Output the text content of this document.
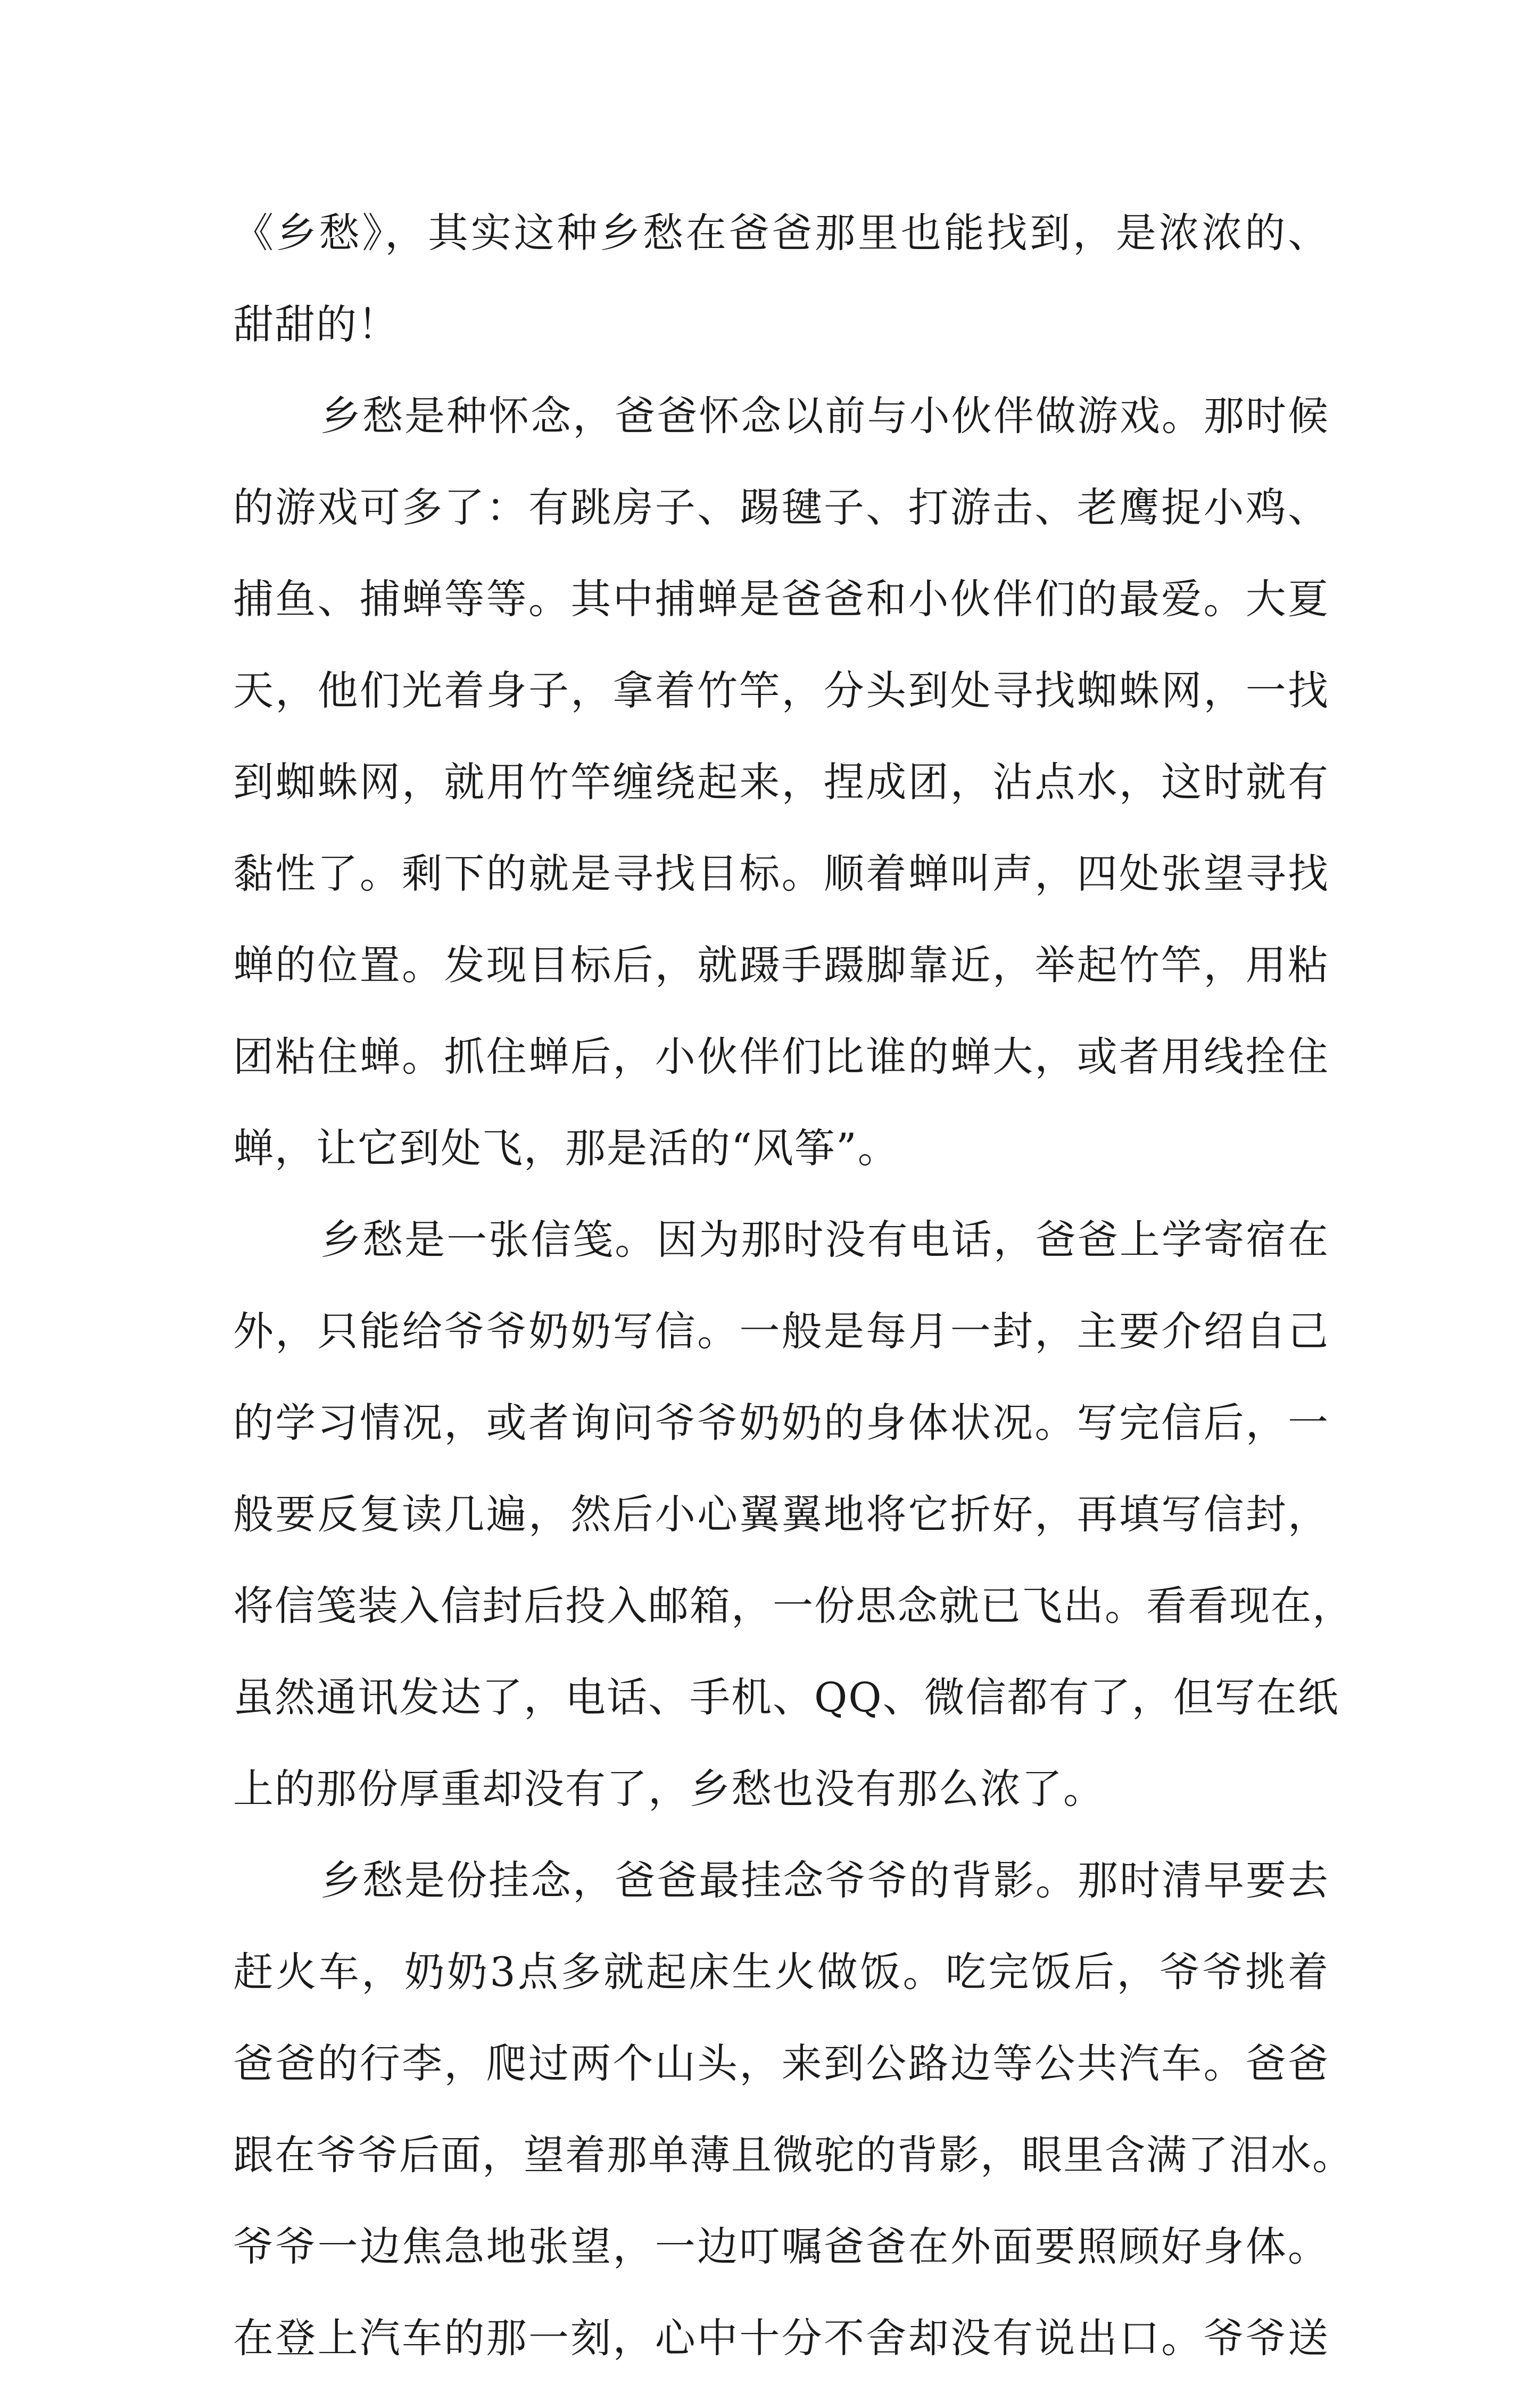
《乡愁》，其实这种乡愁在爸爸那里也能找到，是浓浓的、
甜甜的！
乡愁是种怀念，爸爸怀念以前与小伙伴做游戏。那时候
的游戏可多了：有跳房子、踢毽子、打游击、老鹰捉小鸡、
捕鱼、捕蝉等等。其中捕蝉是爸爸和小伙伴们的最爱。大夏
天，他们光着身子，拿着竹竿，分头到处寻找蜘蛛网，一找
到蜘蛛网，就用竹竿缠绕起来，捏成团，沾点水，这时就有
黏性了。剩下的就是寻找目标。顺着蝉叫声，四处张望寻找
蝉的位置。发现目标后，就蹑手蹑脚靠近，举起竹竿，用粘
团粘住蝉。抓住蝉后，小伙伴们比谁的蝉大，或者用线拴住
蝉，让它到处飞，那是活的“风筝”。
乡愁是一张信笺。因为那时没有电话，爸爸上学寄宿在
外，只能给爷爷奶奶写信。一般是每月一封，主要介绍自己
的学习情况，或者询问爷爷奶奶的身体状况。写完信后，一
般要反复读几遍，然后小心翼翼地将它折好，再填写信封，
将信笺装入信封后投入邮箱，一份思念就已飞出。看看现在，
虽然通讯发达了，电话、手机、QQ、微信都有了，但写在纸
上的那份厚重却没有了，乡愁也没有那么浓了。
乡愁是份挂念，爸爸最挂念爷爷的背影。那时清早要去
赶火车，奶奶3点多就起床生火做饭。吃完饭后，爷爷挑着
爸爸的行李，爬过两个山头，来到公路边等公共汽车。爸爸
跟在爷爷后面，望着那单薄且微驼的背影，眼里含满了泪水。
爷爷一边焦急地张望，一边叮嘱爸爸在外面要照顾好身体。
在登上汽车的那一刻，心中十分不舍却没有说出口。爷爷送
